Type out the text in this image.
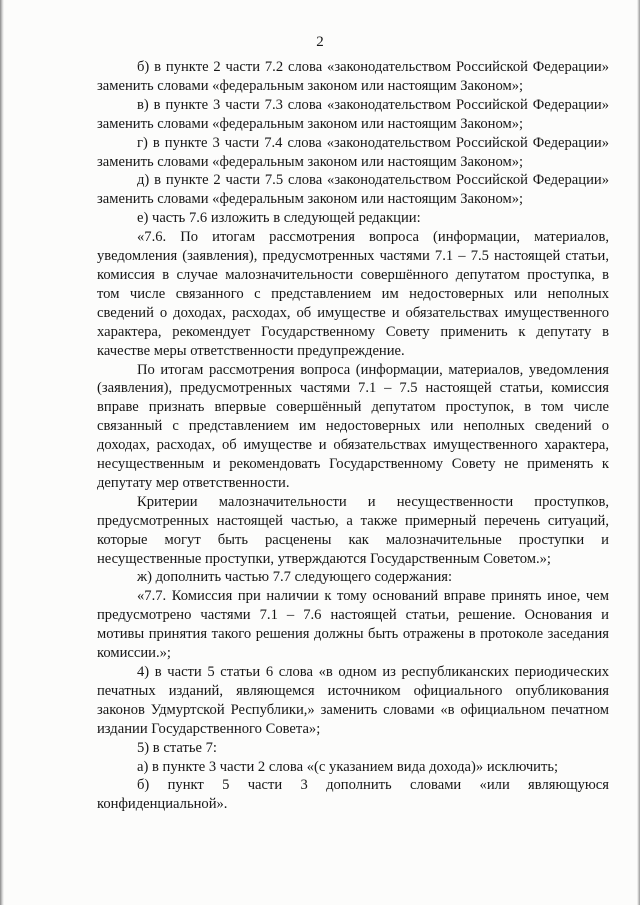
2

б) в пункте 2 части 7.2 слова «законодательством Российской Федерации» заменить словами «федеральным законом или настоящим Законом»;

в) в пункте 3 части 7.3 слова «законодательством Российской Федерации» заменить словами «федеральным законом или настоящим Законом»;

г) в пункте 3 части 7.4 слова «законодательством Российской Федерации» заменить словами «федеральным законом или настоящим Законом»;

д) в пункте 2 части 7.5 слова «законодательством Российской Федерации» заменить словами «федеральным законом или настоящим Законом»;

е) часть 7.6 изложить в следующей редакции:

«7.6. По итогам рассмотрения вопроса (информации, материалов, уведомления (заявления), предусмотренных частями 7.1 – 7.5 настоящей статьи, комиссия в случае малозначительности совершённого депутатом проступка, в том числе связанного с представлением им недостоверных или неполных сведений о доходах, расходах, об имуществе и обязательствах имущественного характера, рекомендует Государственному Совету применить к депутату в качестве меры ответственности предупреждение.

По итогам рассмотрения вопроса (информации, материалов, уведомления (заявления), предусмотренных частями 7.1 – 7.5 настоящей статьи, комиссия вправе признать впервые совершённый депутатом проступок, в том числе связанный с представлением им недостоверных или неполных сведений о доходах, расходах, об имуществе и обязательствах имущественного характера, несущественным и рекомендовать Государственному Совету не применять к депутату мер ответственности.

Критерии малозначительности и несущественности проступков, предусмотренных настоящей частью, а также примерный перечень ситуаций, которые могут быть расценены как малозначительные проступки и несущественные проступки, утверждаются Государственным Советом.»;

ж) дополнить частью 7.7 следующего содержания:

«7.7. Комиссия при наличии к тому оснований вправе принять иное, чем предусмотрено частями 7.1 – 7.6 настоящей статьи, решение. Основания и мотивы принятия такого решения должны быть отражены в протоколе заседания комиссии.»;

4) в части 5 статьи 6 слова «в одном из республиканских периодических печатных изданий, являющемся источником официального опубликования законов Удмуртской Республики,» заменить словами «в официальном печатном издании Государственного Совета»;

5) в статье 7:

а) в пункте 3 части 2 слова «(с указанием вида дохода)» исключить;

б) пункт 5 части 3 дополнить словами «или являющуюся конфиденциальной».
